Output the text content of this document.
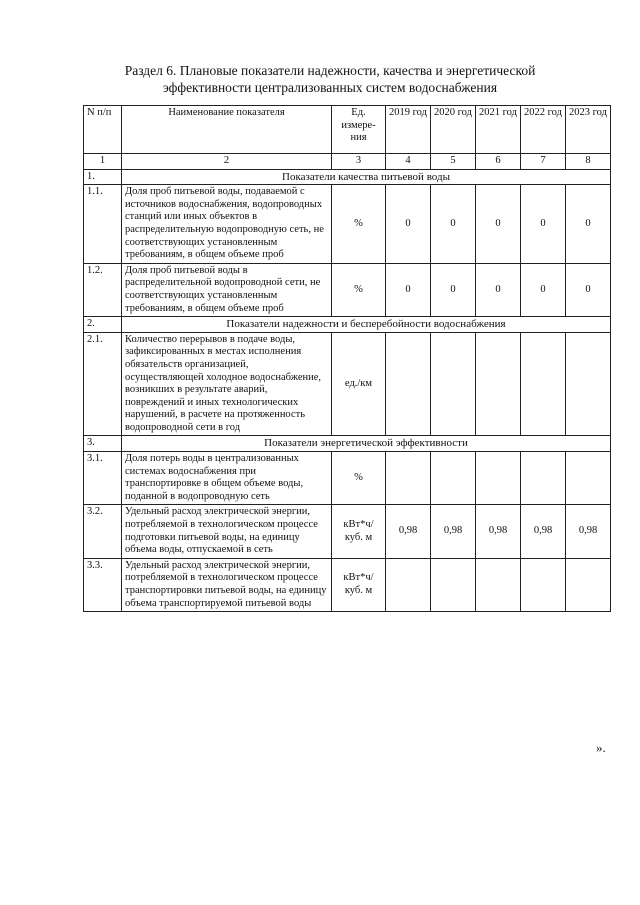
Раздел 6. Плановые показатели надежности, качества и энергетической
эффективности централизованных систем водоснабжения
N п/п	Наименование показателя	Ед. измере-ния	2019 год	2020 год	2021 год	2022 год	2023 год
1	2	3	4	5	6	7	8
1.	Показатели качества питьевой воды						
1.1.	Доля проб питьевой воды, подаваемой с источников водоснабжения, водопроводных станций или иных объектов в распределительную водопроводную сеть, не соответствующих установленным требованиям, в общем объеме проб	%	0	0	0	0	0
1.2.	Доля проб питьевой воды в распределительной водопроводной сети, не соответствующих установленным требованиям, в общем объеме проб	%	0	0	0	0	0
2.	Показатели надежности и бесперебойности водоснабжения						
2.1.	Количество перерывов в подаче воды, зафиксированных в местах исполнения обязательств организацией, осуществляющей холодное водоснабжение, возникших в результате аварий, повреждений и иных технологических нарушений, в расчете на протяженность водопроводной сети в год	ед./км					
3.	Показатели энергетической эффективности						
3.1.	Доля потерь воды в централизованных системах водоснабжения при транспортировке в общем объеме воды, поданной в водопроводную сеть	%					
3.2.	Удельный расход электрической энергии, потребляемой в технологическом процессе подготовки питьевой воды, на единицу объема воды, отпускаемой в сеть	кВт*ч/куб. м	0,98	0,98	0,98	0,98	0,98
3.3.	Удельный расход электрической энергии, потребляемой в технологическом процессе транспортировки питьевой воды, на единицу объема транспортируемой питьевой воды	кВт*ч/куб. м					
».
